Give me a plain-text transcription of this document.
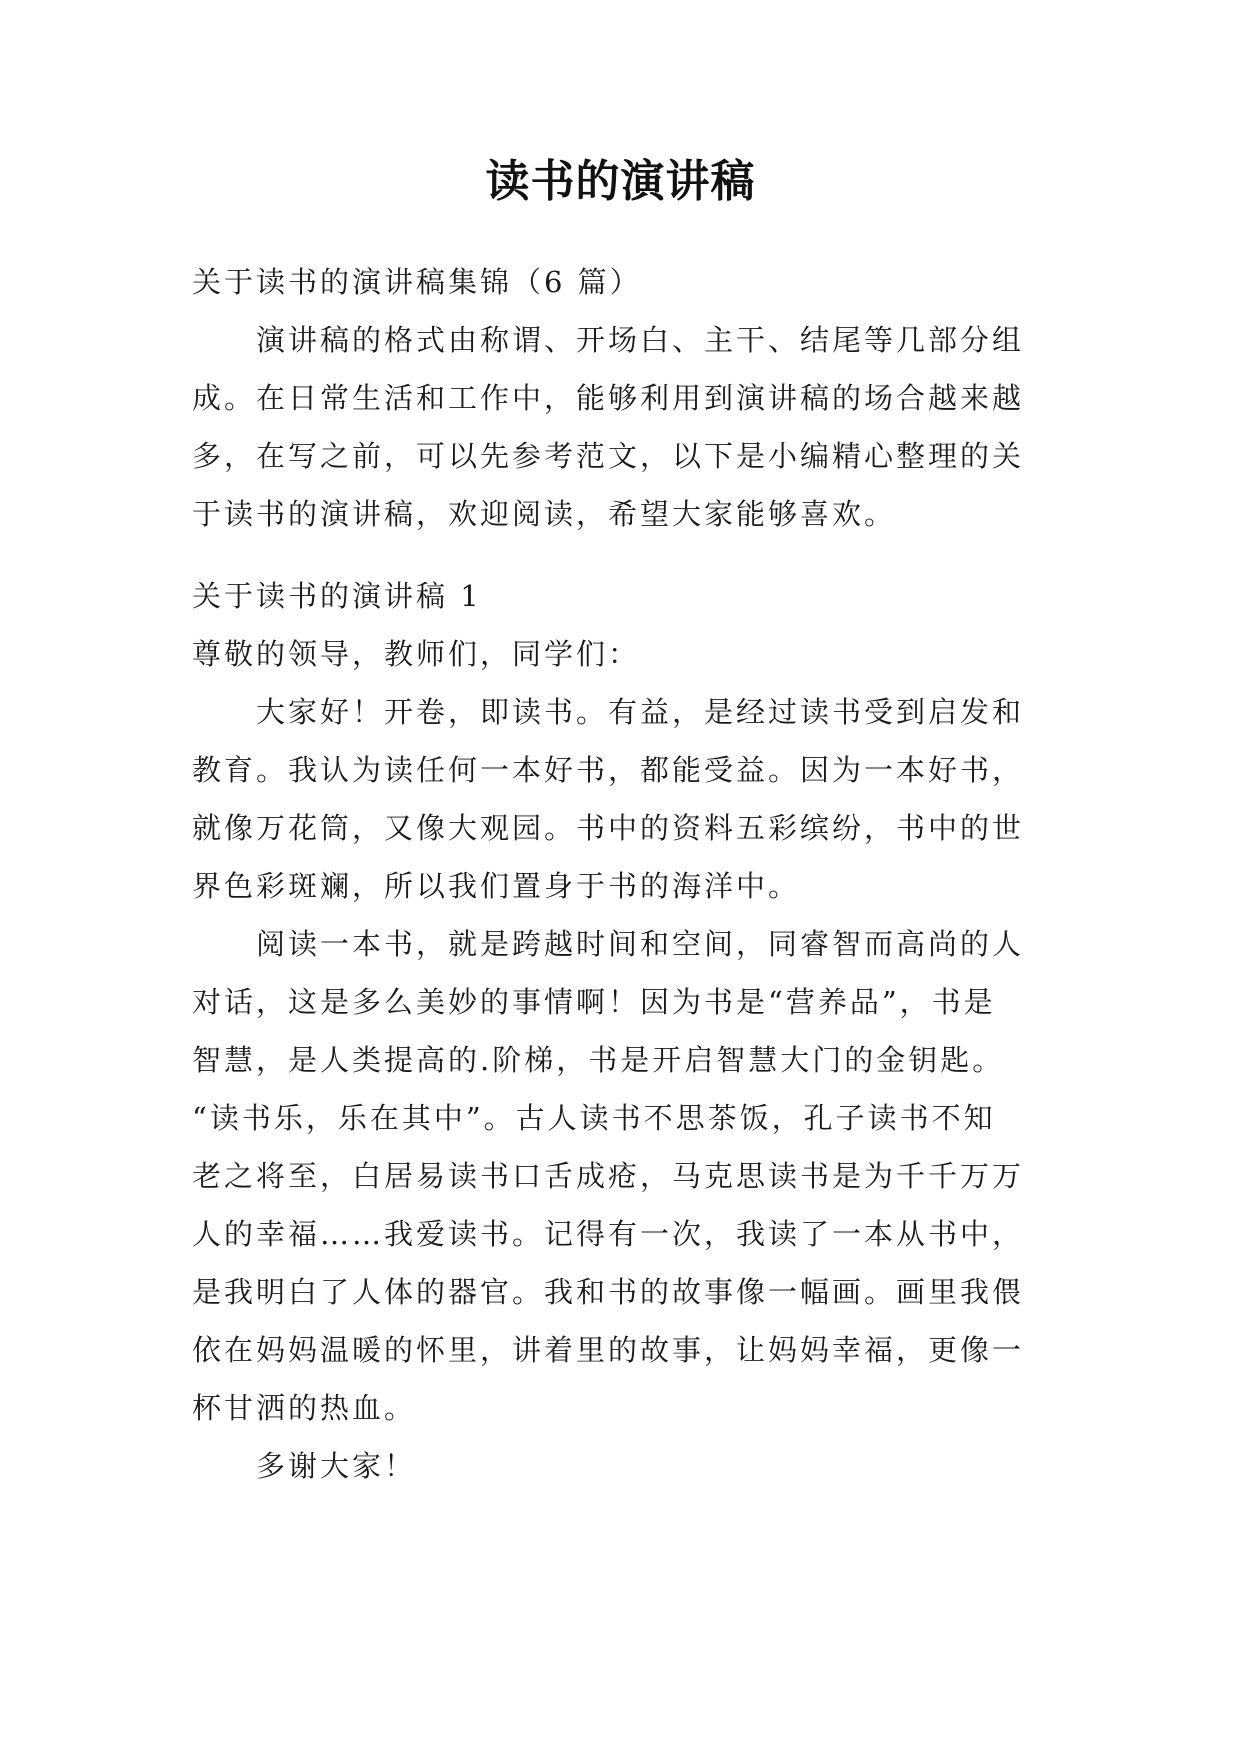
读书的演讲稿
关于读书的演讲稿集锦（6 篇）
演讲稿的格式由称谓、开场白、主干、结尾等几部分组
成。在日常生活和工作中，能够利用到演讲稿的场合越来越
多，在写之前，可以先参考范文，以下是小编精心整理的关
于读书的演讲稿，欢迎阅读，希望大家能够喜欢。
关于读书的演讲稿 1
尊敬的领导，教师们，同学们：
大家好！开卷，即读书。有益，是经过读书受到启发和
教育。我认为读任何一本好书，都能受益。因为一本好书，
就像万花筒，又像大观园。书中的资料五彩缤纷，书中的世
界色彩斑斓，所以我们置身于书的海洋中。
阅读一本书，就是跨越时间和空间，同睿智而高尚的人
对话，这是多么美妙的事情啊！因为书是“营养品”，书是
智慧，是人类提高的.阶梯，书是开启智慧大门的金钥匙。
“读书乐，乐在其中”。古人读书不思茶饭，孔子读书不知
老之将至，白居易读书口舌成疮，马克思读书是为千千万万
人的幸福……我爱读书。记得有一次，我读了一本从书中，
是我明白了人体的器官。我和书的故事像一幅画。画里我偎
依在妈妈温暖的怀里，讲着里的故事，让妈妈幸福，更像一
杯甘洒的热血。
多谢大家！
